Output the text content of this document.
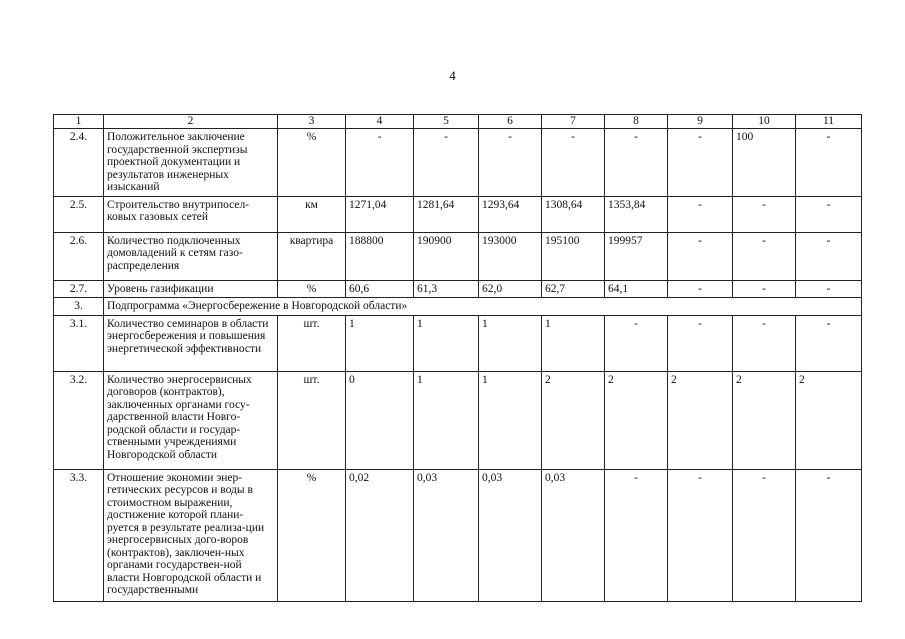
4
1	2	3	4	5	6	7	8	9	10	11
2.4.	Положительное заключение государственной экспертизы проектной документации и результатов инженерных изысканий	%	-	-	-	-	-	-	100	-
2.5.	Строительство внутрипосел-ковых газовых сетей	км	1271,04	1281,64	1293,64	1308,64	1353,84	-	-	-
2.6.	Количество подключенных домовладений к сетям газо-распределения	квартира	188800	190900	193000	195100	199957	-	-	-
2.7.	Уровень газификации	%	60,6	61,3	62,0	62,7	64,1	-	-	-
3.	Подпрограмма «Энергосбережение в Новгородской области»									
3.1.	Количество семинаров в области энергосбережения и повышения энергетической эффективности	шт.	1	1	1	1	-	-	-	-
3.2.	Количество энергосервисных договоров (контрактов), заключенных органами госу-дарственной власти Новго-родской области и государ-ственными учреждениями Новгородской области	шт.	0	1	1	2	2	2	2	2
3.3.	Отношение экономии энер-гетических ресурсов и воды в стоимостном выражении, достижение которой плани-руется в результате реализа-ции энергосервисных дого-воров (контрактов), заключен-ных органами государствен-ной власти Новгородской области и государственными	%	0,02	0,03	0,03	0,03	-	-	-	-
